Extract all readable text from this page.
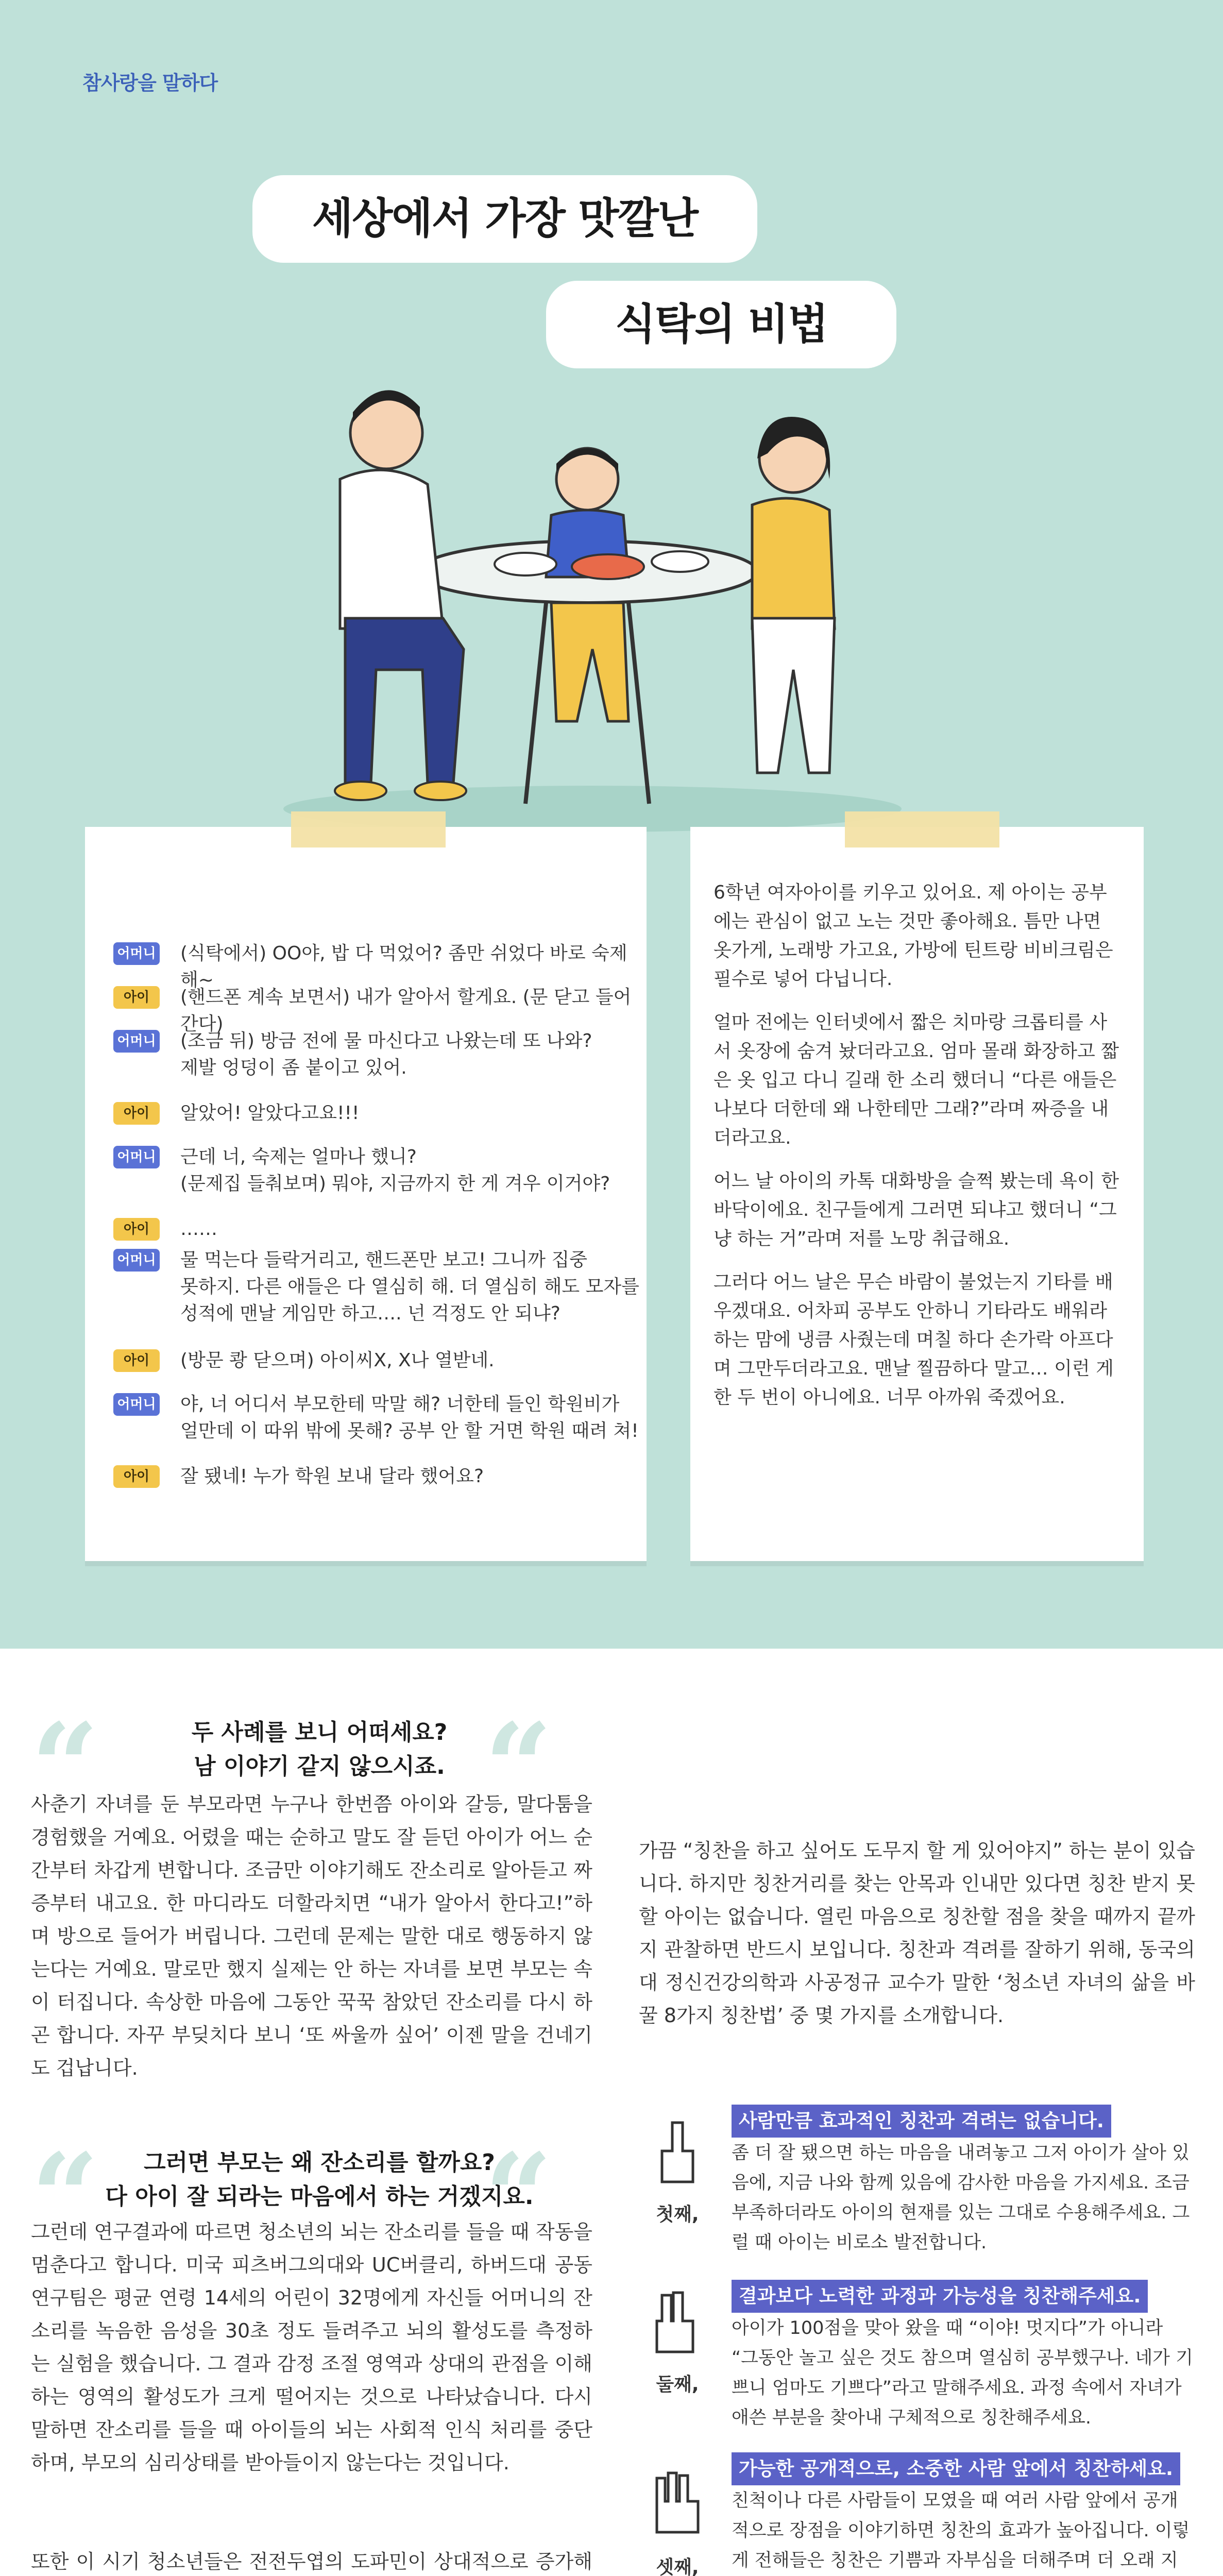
참사랑을 말하다
세상에서 가장 맛깔난
식탁의 비법
어머니 (식탁에서) OO야, 밥 다 먹었어? 좀만 쉬었다 바로 숙제해~
아이	(핸드폰 계속 보면서) 내가 알아서 할게요. (문 닫고 들어간다)
어머니 (조금 뒤) 방금 전에 물 마신다고 나왔는데 또 나와?
제발 엉덩이 좀 붙이고 있어.
아이	알았어! 알았다고요!!!
어머니 근데 너, 숙제는 얼마나 했니?
(문제집 들춰보며) 뭐야, 지금까지 한 게 겨우 이거야?
아이	……
어머니 물 먹는다 들락거리고, 핸드폰만 보고! 그니까 집중
못하지. 다른 애들은 다 열심히 해. 더 열심히 해도 모자를
성적에 맨날 게임만 하고…. 넌 걱정도 안 되냐?
아이	(방문 쾅 닫으며) 아이씨X, X나 열받네.
어머니 야, 너 어디서 부모한테 막말 해? 너한테 들인 학원비가
얼만데 이 따위 밖에 못해? 공부 안 할 거면 학원 때려 쳐!
아이	잘 됐네! 누가 학원 보내 달라 했어요?

6학년 여자아이를 키우고 있어요. 제 아이는 공부에는 관심이 없고 노는 것만 좋아해요. 틈만 나면 옷가게, 노래방 가고요, 가방에 틴트랑 비비크림은 필수로 넣어 다닙니다.

얼마 전에는 인터넷에서 짧은 치마랑 크롭티를 사서 옷장에 숨겨 놨더라고요. 엄마 몰래 화장하고 짧은 옷 입고 다니 길래 한 소리 했더니 “다른 애들은 나보다 더한데 왜 나한테만 그래?”라며 짜증을 내더라고요.

어느 날 아이의 카톡 대화방을 슬쩍 봤는데 욕이 한바닥이에요. 친구들에게 그러면 되냐고 했더니 “그냥 하는 거”라며 저를 노망 취급해요.

그러다 어느 날은 무슨 바람이 불었는지 기타를 배우겠대요. 어차피 공부도 안하니 기타라도 배워라 하는 맘에 냉큼 사줬는데 며칠 하다 손가락 아프다며 그만두더라고요. 맨날 찔끔하다 말고… 이런 게 한 두 번이 아니에요. 너무 아까워 죽겠어요.

“	“
두 사례를 보니 어떠세요?
남 이야기 같지 않으시죠.
사춘기 자녀를 둔 부모라면 누구나 한번쯤 아이와 갈등, 말다툼을 경험했을 거예요. 어렸을 때는 순하고 말도 잘 듣던 아이가 어느 순간부터 차갑게 변합니다. 조금만 이야기해도 잔소리로 알아듣고 짜증부터 내고요. 한 마디라도 더할라치면 “내가 알아서 한다고!”하며 방으로 들어가 버립니다. 그런데 문제는 말한 대로 행동하지 않는다는 거예요. 말로만 했지 실제는 안 하는 자녀를 보면 부모는 속이 터집니다. 속상한 마음에 그동안 꾹꾹 참았던 잔소리를 다시 하곤 합니다. 자꾸 부딪치다 보니 ‘또 싸울까 싶어’ 이젠 말을 건네기도 겁납니다.
“	“
그러면 부모는 왜 잔소리를 할까요?
다 아이 잘 되라는 마음에서 하는 거겠지요.
그런데 연구결과에 따르면 청소년의 뇌는 잔소리를 들을 때 작동을 멈춘다고 합니다. 미국 피츠버그의대와 UC버클리, 하버드대 공동 연구팀은 평균 연령 14세의 어린이 32명에게 자신들 어머니의 잔소리를 녹음한 음성을 30초 정도 들려주고 뇌의 활성도를 측정하는 실험을 했습니다. 그 결과 감정 조절 영역과 상대의 관점을 이해하는 영역의 활성도가 크게 떨어지는 것으로 나타났습니다. 다시 말하면 잔소리를 들을 때 아이들의 뇌는 사회적 인식 처리를 중단하며, 부모의 심리상태를 받아들이지 않는다는 것입니다.
또한 이 시기 청소년들은 전전두엽의 도파민이 상대적으로 증가해
가끔 “칭찬을 하고 싶어도 도무지 할 게 있어야지” 하는 분이 있습니다. 하지만 칭찬거리를 찾는 안목과 인내만 있다면 칭찬 받지 못할 아이는 없습니다. 열린 마음으로 칭찬할 점을 찾을 때까지 끝까지 관찰하면 반드시 보입니다. 칭찬과 격려를 잘하기 위해, 동국의대 정신건강의학과 사공정규 교수가 말한 ‘청소년 자녀의 삶을 바꿀 8가지 칭찬법’ 중 몇 가지를 소개합니다.
첫째,
사람만큼 효과적인 칭찬과 격려는 없습니다.
좀 더 잘 됐으면 하는 마음을 내려놓고 그저 아이가 살아 있음에, 지금 나와 함께 있음에 감사한 마음을 가지세요. 조금 부족하더라도 아이의 현재를 있는 그대로 수용해주세요. 그럴 때 아이는 비로소 발전합니다.
둘째,
결과보다 노력한 과정과 가능성을 칭찬해주세요.
아이가 100점을 맞아 왔을 때 “이야! 멋지다”가 아니라 “그동안 놀고 싶은 것도 참으며 열심히 공부했구나. 네가 기쁘니 엄마도 기쁘다”라고 말해주세요. 과정 속에서 자녀가 애쓴 부분을 찾아내 구체적으로 칭찬해주세요.
셋째,
가능한 공개적으로, 소중한 사람 앞에서 칭찬하세요.
친척이나 다른 사람들이 모였을 때 여러 사람 앞에서 공개적으로 장점을 이야기하면 칭찬의 효과가 높아집니다. 이렇게 전해들은 칭찬은 기쁨과 자부심을 더해주며 더 오래 지
